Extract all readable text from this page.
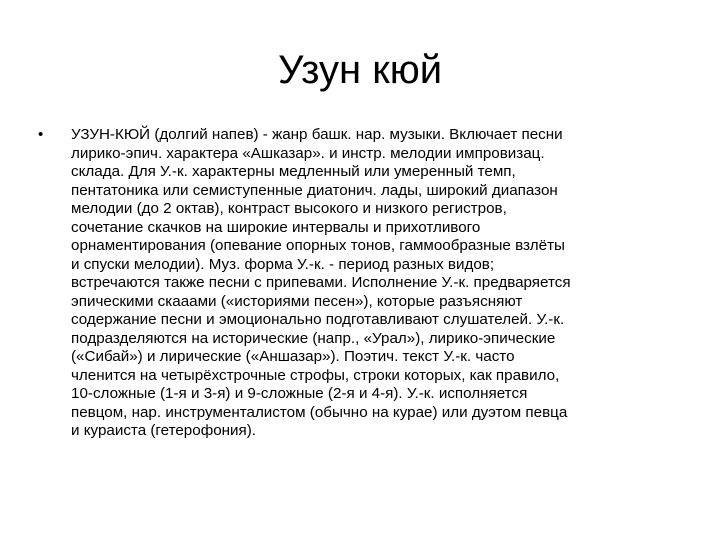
Узун кюй
• УЗУН-КЮЙ (долгий напев) - жанр башк. нар. музыки. Включает песни
лирико-эпич. характера «Ашказар». и инстр. мелодии импровизац.
склада. Для У.-к. характерны медленный или умеренный темп,
пентатоника или семиступенные диатонич. лады, широкий диапазон
мелодии (до 2 октав), контраст высокого и низкого регистров,
сочетание скачков на широкие интервалы и прихотливого
орнаментирования (опевание опорных тонов, гаммообразные взлёты
и спуски мелодии). Муз. форма У.-к. - период разных видов;
встречаются также песни с припевами. Исполнение У.-к. предваряется
эпическими скааами («историями песен»), которые разъясняют
содержание песни и эмоционально подготавливают слушателей. У.-к.
подразделяются на исторические (напр., «Урал»), лирико-эпические
(«Сибай») и лирические («Аншазар»). Поэтич. текст У.-к. часто
членится на четырёхстрочные строфы, строки которых, как правило,
10-сложные (1-я и 3-я) и 9-сложные (2-я и 4-я). У.-к. исполняется
певцом, нар. инструменталистом (обычно на курае) или дуэтом певца
и кураиста (гетерофония).
